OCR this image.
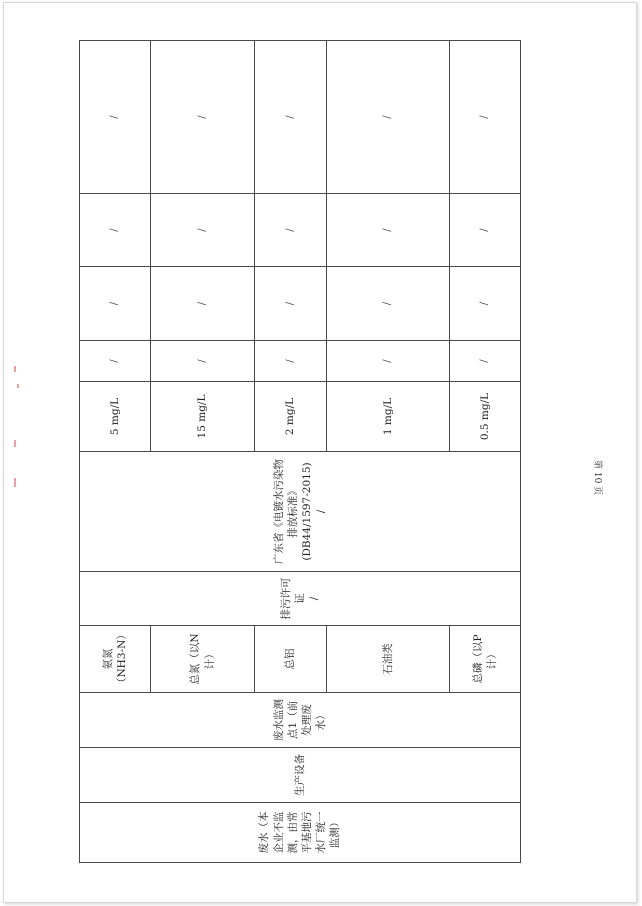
废水（本企业不监测，由常平基地污水厂统一监测）
生产设备
废水监测点1（前处理废水）
氨氮（NH3-N）	总氮（以N计）	总铝	石油类	总磷（以P计）
排污许可证 /
广东省《电镀水污染物排放标准》(DB44/1597-2015) /
5 mg/L	15 mg/L	2 mg/L	1 mg/L	0.5 mg/L
/	/	/	/	/
/	/	/	/	/
/	/	/	/	/
/	/	/	/	/
第 10 页
